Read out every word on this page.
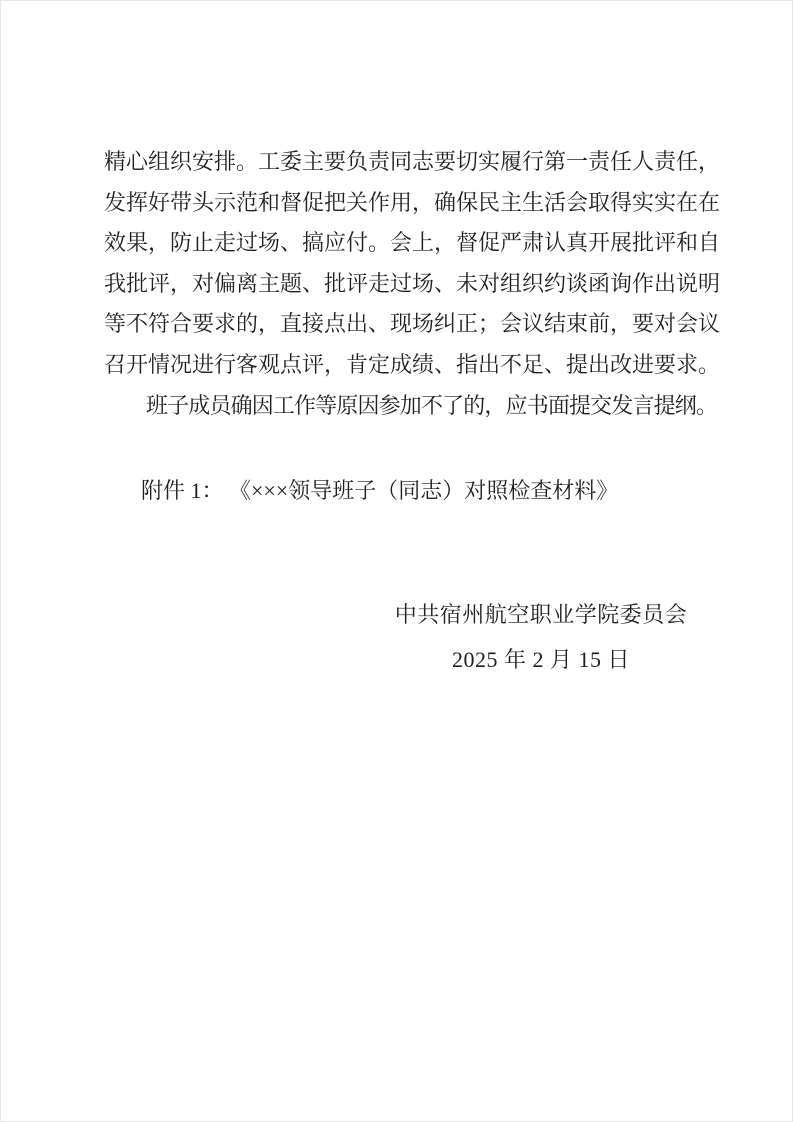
精心组织安排。工委主要负责同志要切实履行第一责任人责任，
发挥好带头示范和督促把关作用，确保民主生活会取得实实在在
效果，防止走过场、搞应付。会上，督促严肃认真开展批评和自
我批评，对偏离主题、批评走过场、未对组织约谈函询作出说明
等不符合要求的，直接点出、现场纠正；会议结束前，要对会议
召开情况进行客观点评，肯定成绩、指出不足、提出改进要求。
班子成员确因工作等原因参加不了的，应书面提交发言提纲。
附件 1： 《×××领导班子（同志）对照检查材料》
中共宿州航空职业学院委员会
2025 年 2 月 15 日
